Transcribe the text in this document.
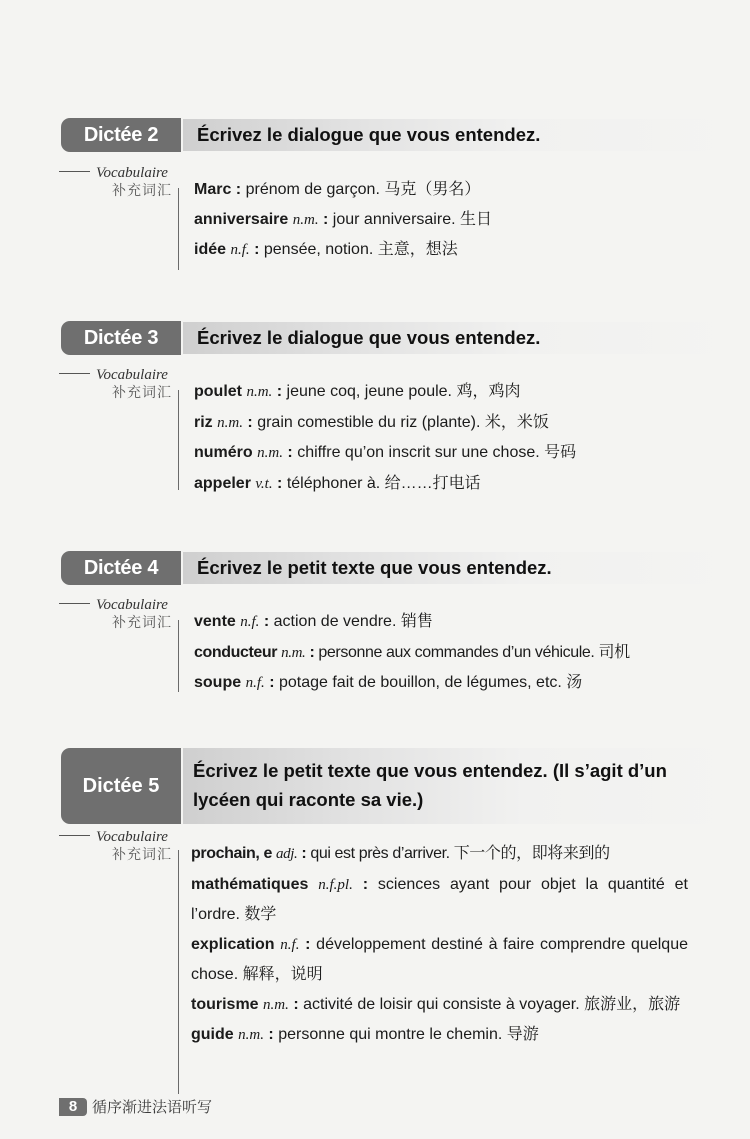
Dictée 2	Écrivez le dialogue que vous entendez.
Vocabulaire
补充词汇 Marc : prénom de garçon. 马克（男名）
anniversaire n.m. : jour anniversaire. 生日
idée n.f. : pensée, notion. 主意，想法
Dictée 3	Écrivez le dialogue que vous entendez.
Vocabulaire
补充词汇 poulet n.m. : jeune coq, jeune poule. 鸡，鸡肉
riz n.m. : grain comestible du riz (plante). 米，米饭
numéro n.m. : chiffre qu’on inscrit sur une chose. 号码
appeler v.t. : téléphoner à. 给……打电话
Dictée 4	Écrivez le petit texte que vous entendez.
Vocabulaire
补充词汇 vente n.f. : action de vendre. 销售
conducteur n.m. : personne aux commandes d’un véhicule. 司机
soupe n.f. : potage fait de bouillon, de légumes, etc. 汤
Dictée 5
Écrivez le petit texte que vous entendez. (Il s’agit d’un lycéen qui raconte sa vie.)
Vocabulaire
补充词汇 prochain, e adj. : qui est près d’arriver. 下一个的，即将来到的
mathématiques n.f.pl. : sciences ayant pour objet la quantité et l’ordre. 数学
explication n.f. : développement destiné à faire comprendre quelque chose. 解释，说明
tourisme n.m. : activité de loisir qui consiste à voyager. 旅游业，旅游
guide n.m. : personne qui montre le chemin. 导游
8 循序渐进法语听写
